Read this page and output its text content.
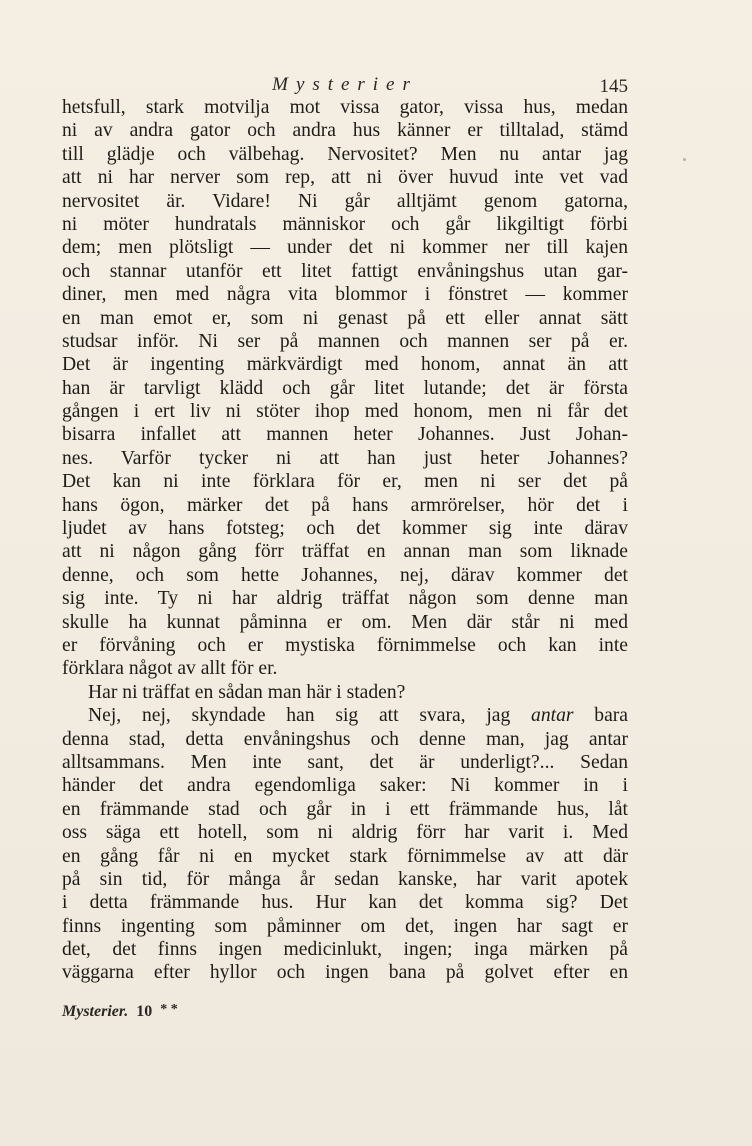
Mysterier	145
hetsfull, stark motvilja mot vissa gator, vissa hus, medan
ni av andra gator och andra hus känner er tilltalad, stämd
till glädje och välbehag. Nervositet? Men nu antar jag
att ni har nerver som rep, att ni över huvud inte vet vad
nervositet är. Vidare! Ni går alltjämt genom gatorna,
ni möter hundratals människor och går likgiltigt förbi
dem; men plötsligt — under det ni kommer ner till kajen
och stannar utanför ett litet fattigt envåningshus utan gar-
diner, men med några vita blommor i fönstret — kommer
en man emot er, som ni genast på ett eller annat sätt
studsar inför. Ni ser på mannen och mannen ser på er.
Det är ingenting märkvärdigt med honom, annat än att
han är tarvligt klädd och går litet lutande; det är första
gången i ert liv ni stöter ihop med honom, men ni får det
bisarra infallet att mannen heter Johannes. Just Johan-
nes. Varför tycker ni att han just heter Johannes?
Det kan ni inte förklara för er, men ni ser det på
hans ögon, märker det på hans armrörelser, hör det i
ljudet av hans fotsteg; och det kommer sig inte därav
att ni någon gång förr träffat en annan man som liknade
denne, och som hette Johannes, nej, därav kommer det
sig inte. Ty ni har aldrig träffat någon som denne man
skulle ha kunnat påminna er om. Men där står ni med
er förvåning och er mystiska förnimmelse och kan inte
förklara något av allt för er.
Har ni träffat en sådan man här i staden?
Nej, nej, skyndade han sig att svara, jag antar bara
denna stad, detta envåningshus och denne man, jag antar
alltsammans. Men inte sant, det är underligt?... Sedan
händer det andra egendomliga saker: Ni kommer in i
en främmande stad och går in i ett främmande hus, låt
oss säga ett hotell, som ni aldrig förr har varit i. Med
en gång får ni en mycket stark förnimmelse av att där
på sin tid, för många år sedan kanske, har varit apotek
i detta främmande hus. Hur kan det komma sig? Det
finns ingenting som påminner om det, ingen har sagt er
det, det finns ingen medicinlukt, ingen; inga märken på
väggarna efter hyllor och ingen bana på golvet efter en
Mysterier. 10 * *
